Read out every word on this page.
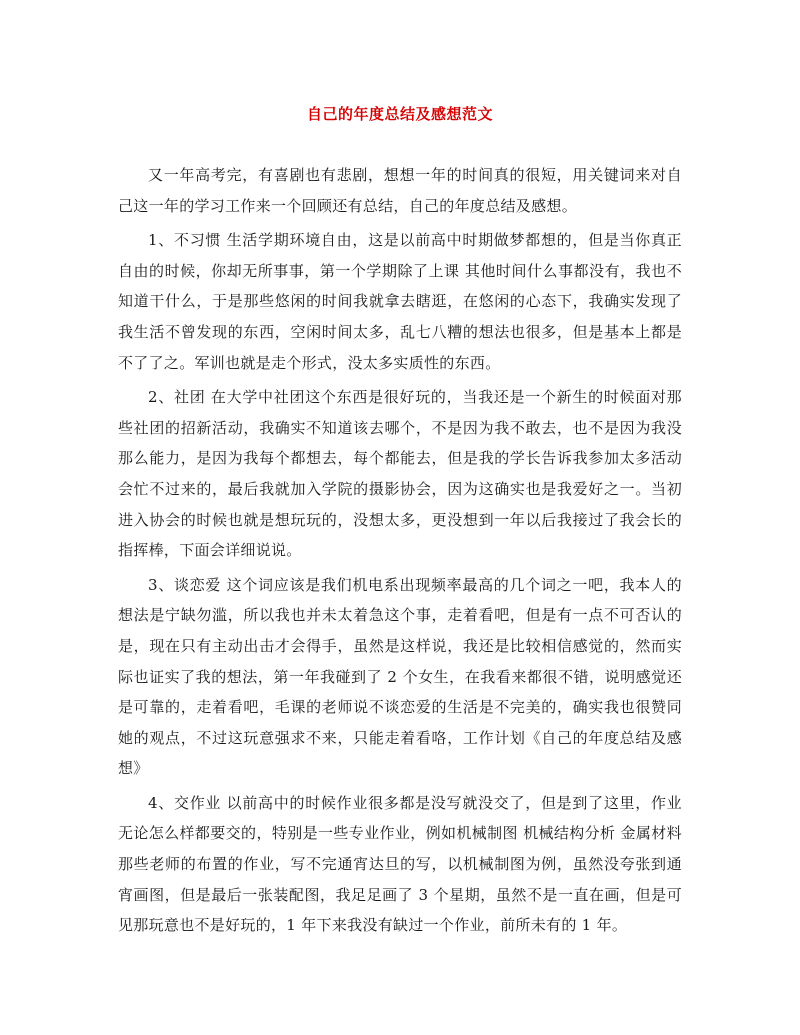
自己的年度总结及感想范文

又一年高考完，有喜剧也有悲剧，想想一年的时间真的很短，用关键词来对自己这一年的学习工作来一个回顾还有总结，自己的年度总结及感想。

1、不习惯 生活学期环境自由，这是以前高中时期做梦都想的，但是当你真正自由的时候，你却无所事事，第一个学期除了上课 其他时间什么事都没有，我也不知道干什么，于是那些悠闲的时间我就拿去瞎逛，在悠闲的心态下，我确实发现了我生活不曾发现的东西，空闲时间太多，乱七八糟的想法也很多，但是基本上都是不了了之。军训也就是走个形式，没太多实质性的东西。

2、社团 在大学中社团这个东西是很好玩的，当我还是一个新生的时候面对那些社团的招新活动，我确实不知道该去哪个，不是因为我不敢去，也不是因为我没那么能力，是因为我每个都想去，每个都能去，但是我的学长告诉我参加太多活动会忙不过来的，最后我就加入学院的摄影协会，因为这确实也是我爱好之一。当初进入协会的时候也就是想玩玩的，没想太多，更没想到一年以后我接过了我会长的指挥棒，下面会详细说说。

3、谈恋爱 这个词应该是我们机电系出现频率最高的几个词之一吧，我本人的想法是宁缺勿滥，所以我也并未太着急这个事，走着看吧，但是有一点不可否认的是，现在只有主动出击才会得手，虽然是这样说，我还是比较相信感觉的，然而实际也证实了我的想法，第一年我碰到了 2 个女生，在我看来都很不错，说明感觉还是可靠的，走着看吧，毛课的老师说不谈恋爱的生活是不完美的，确实我也很赞同她的观点，不过这玩意强求不来，只能走着看咯，工作计划《自己的年度总结及感想》

4、交作业 以前高中的时候作业很多都是没写就没交了，但是到了这里，作业无论怎么样都要交的，特别是一些专业作业，例如机械制图 机械结构分析 金属材料那些老师的布置的作业，写不完通宵达旦的写，以机械制图为例，虽然没夸张到通宵画图，但是最后一张装配图，我足足画了 3 个星期，虽然不是一直在画，但是可见那玩意也不是好玩的，1 年下来我没有缺过一个作业，前所未有的 1 年。
